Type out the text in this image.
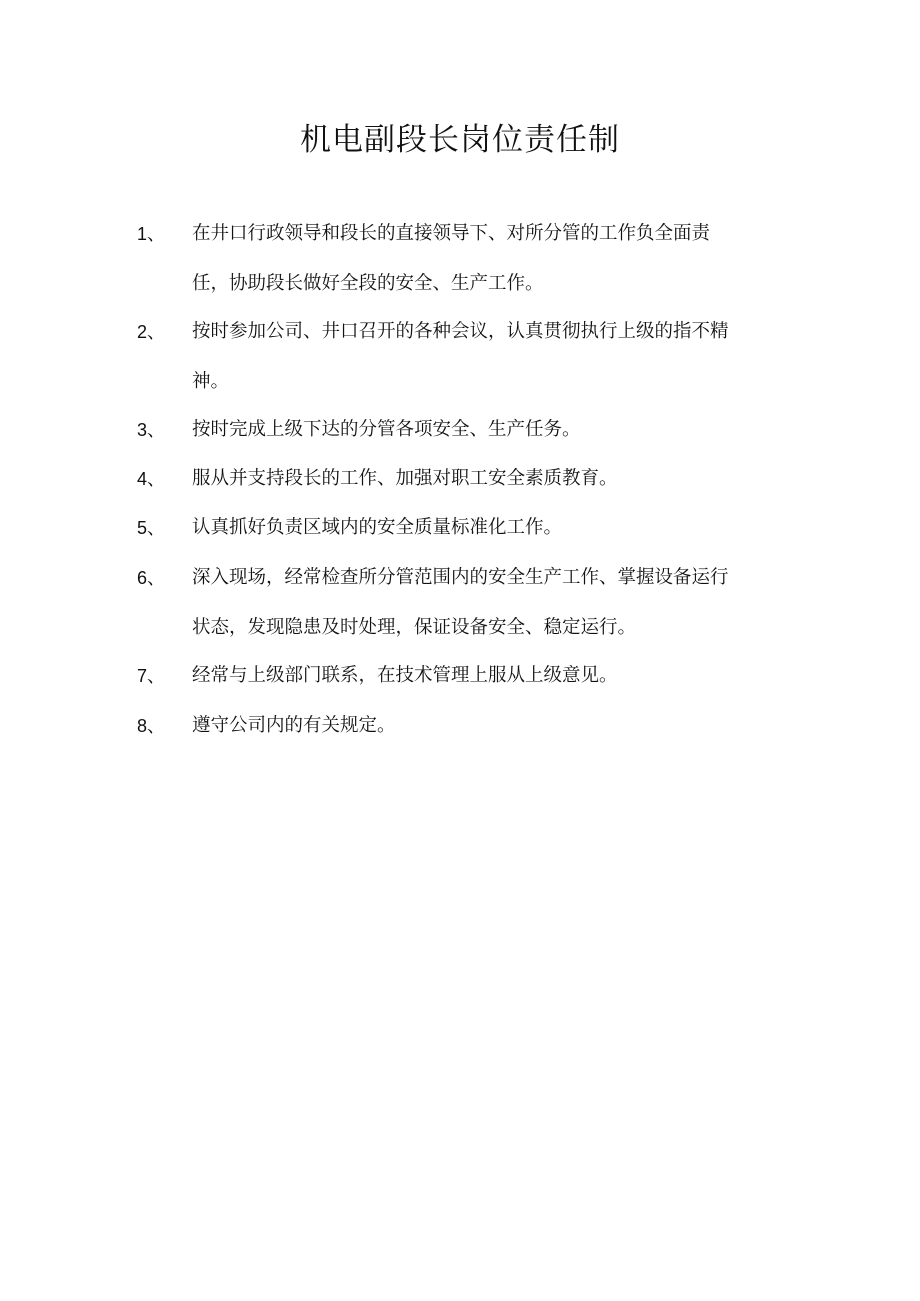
机电副段长岗位责任制
1、	在井口行政领导和段长的直接领导下、对所分管的工作负全面责
任，协助段长做好全段的安全、生产工作。
2、	按时参加公司、井口召开的各种会议，认真贯彻执行上级的指不精
神。
3、	按时完成上级下达的分管各项安全、生产任务。
4、	服从并支持段长的工作、加强对职工安全素质教育。
5、	认真抓好负责区域内的安全质量标准化工作。
6、	深入现场，经常检查所分管范围内的安全生产工作、掌握设备运行
状态，发现隐患及时处理，保证设备安全、稳定运行。
7、	经常与上级部门联系，在技术管理上服从上级意见。
8、	遵守公司内的有关规定。
